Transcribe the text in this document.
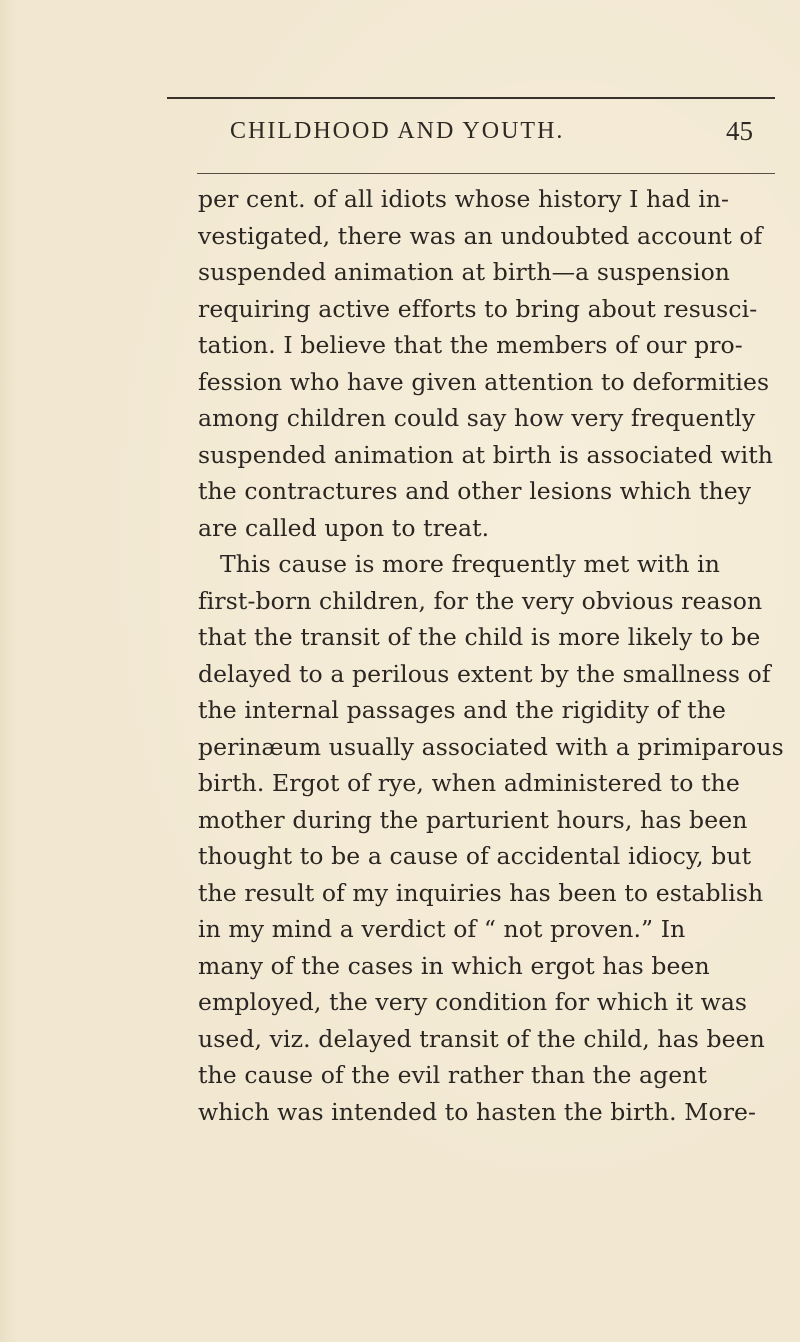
CHILDHOOD AND YOUTH.	45
per cent. of all idiots whose history I had in-
vestigated, there was an undoubted account of
suspended animation at birth—a suspension
requiring active efforts to bring about resusci-
tation. I believe that the members of our pro-
fession who have given attention to deformities
among children could say how very frequently
suspended animation at birth is associated with
the contractures and other lesions which they
are called upon to treat.
This cause is more frequently met with in
first-born children, for the very obvious reason
that the transit of the child is more likely to be
delayed to a perilous extent by the smallness of
the internal passages and the rigidity of the
perinæum usually associated with a primiparous
birth. Ergot of rye, when administered to the
mother during the parturient hours, has been
thought to be a cause of accidental idiocy, but
the result of my inquiries has been to establish
in my mind a verdict of “ not proven.” In
many of the cases in which ergot has been
employed, the very condition for which it was
used, viz. delayed transit of the child, has been
the cause of the evil rather than the agent
which was intended to hasten the birth. More-
